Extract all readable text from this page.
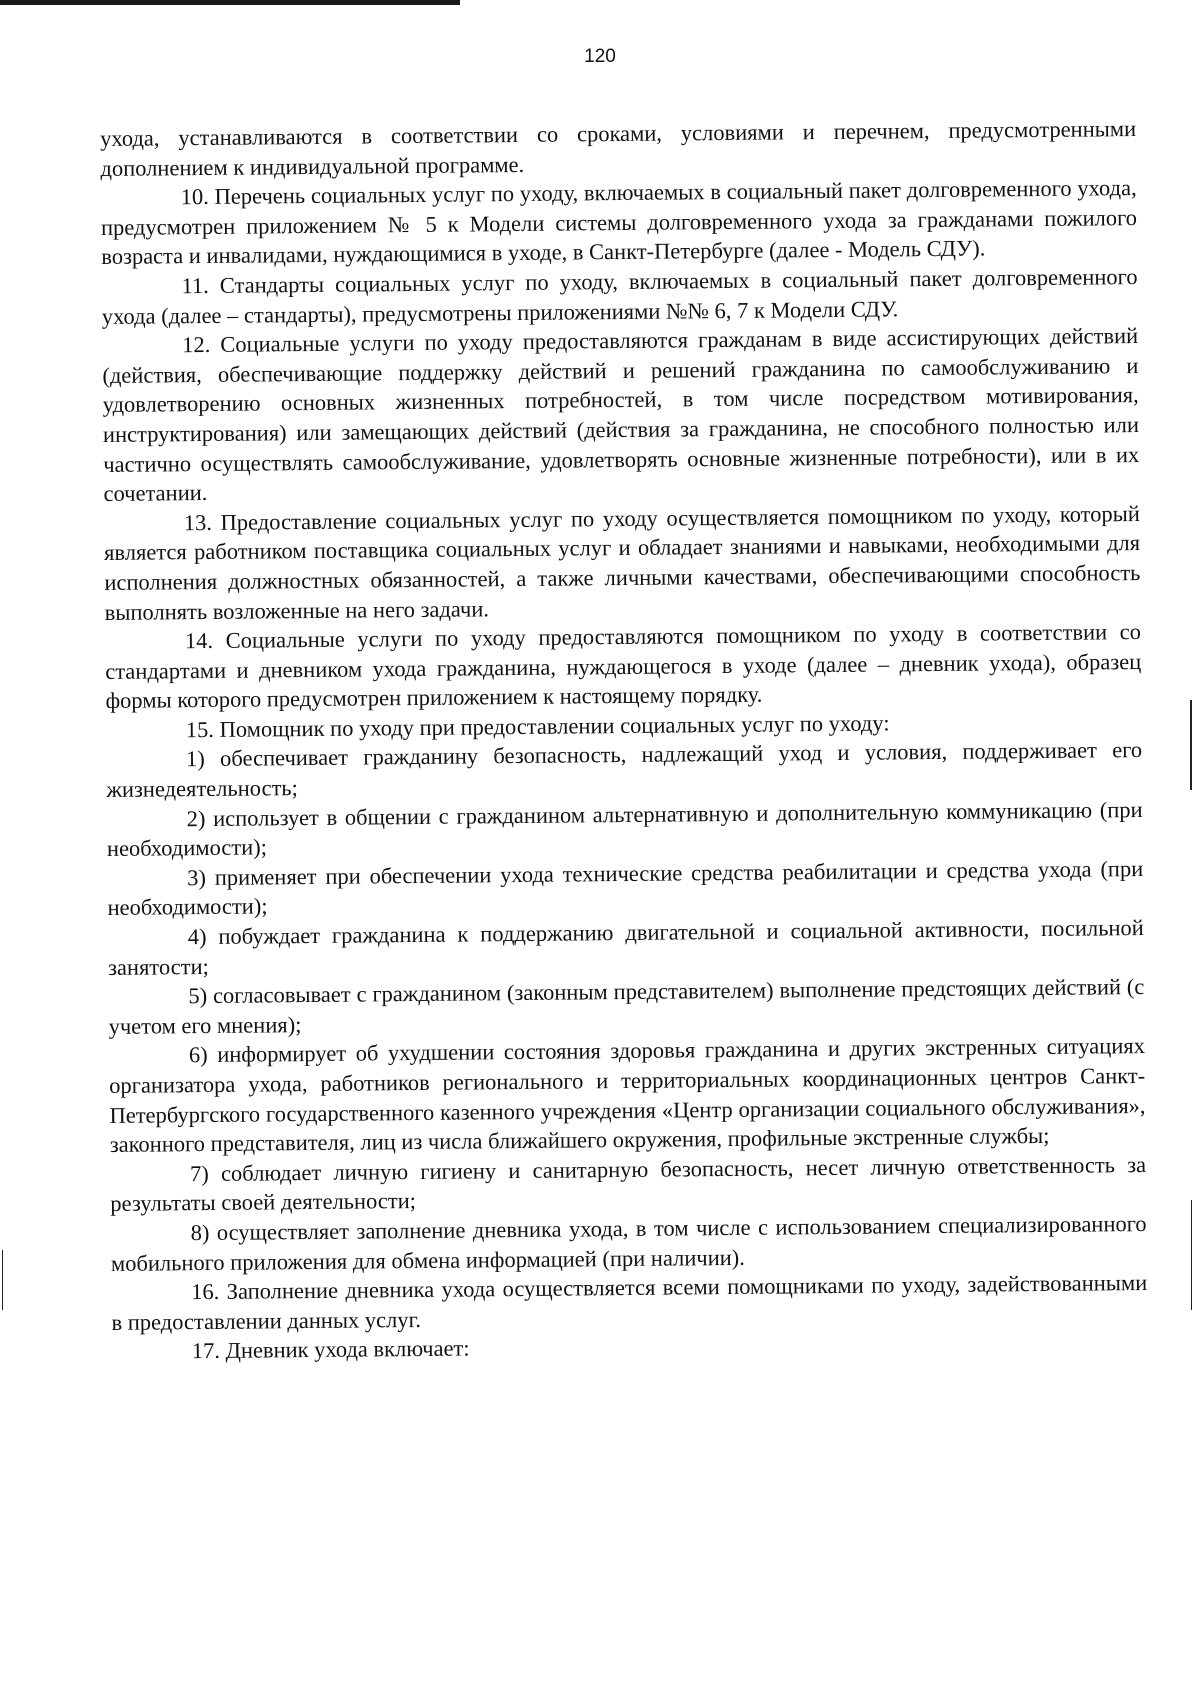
120

ухода, устанавливаются в соответствии со сроками, условиями и перечнем, предусмотренными дополнением к индивидуальной программе.

10. Перечень социальных услуг по уходу, включаемых в социальный пакет долговременного ухода, предусмотрен приложением № 5 к Модели системы долговременного ухода за гражданами пожилого возраста и инвалидами, нуждающимися в уходе, в Санкт-Петербурге (далее - Модель СДУ).

11. Стандарты социальных услуг по уходу, включаемых в социальный пакет долговременного ухода (далее – стандарты), предусмотрены приложениями №№ 6, 7 к Модели СДУ.

12. Социальные услуги по уходу предоставляются гражданам в виде ассистирующих действий (действия, обеспечивающие поддержку действий и решений гражданина по самообслуживанию и удовлетворению основных жизненных потребностей, в том числе посредством мотивирования, инструктирования) или замещающих действий (действия за гражданина, не способного полностью или частично осуществлять самообслуживание, удовлетворять основные жизненные потребности), или в их сочетании.

13. Предоставление социальных услуг по уходу осуществляется помощником по уходу, который является работником поставщика социальных услуг и обладает знаниями и навыками, необходимыми для исполнения должностных обязанностей, а также личными качествами, обеспечивающими способность выполнять возложенные на него задачи.

14. Социальные услуги по уходу предоставляются помощником по уходу в соответствии со стандартами и дневником ухода гражданина, нуждающегося в уходе (далее – дневник ухода), образец формы которого предусмотрен приложением к настоящему порядку.

15. Помощник по уходу при предоставлении социальных услуг по уходу:

1) обеспечивает гражданину безопасность, надлежащий уход и условия, поддерживает его жизнедеятельность;

2) использует в общении с гражданином альтернативную и дополнительную коммуникацию (при необходимости);

3) применяет при обеспечении ухода технические средства реабилитации и средства ухода (при необходимости);

4) побуждает гражданина к поддержанию двигательной и социальной активности, посильной занятости;

5) согласовывает с гражданином (законным представителем) выполнение предстоящих действий (с учетом его мнения);

6) информирует об ухудшении состояния здоровья гражданина и других экстренных ситуациях организатора ухода, работников регионального и территориальных координационных центров Санкт-Петербургского государственного казенного учреждения «Центр организации социального обслуживания», законного представителя, лиц из числа ближайшего окружения, профильные экстренные службы;

7) соблюдает личную гигиену и санитарную безопасность, несет личную ответственность за результаты своей деятельности;

8) осуществляет заполнение дневника ухода, в том числе с использованием специализированного мобильного приложения для обмена информацией (при наличии).

16. Заполнение дневника ухода осуществляется всеми помощниками по уходу, задействованными в предоставлении данных услуг.

17. Дневник ухода включает:
